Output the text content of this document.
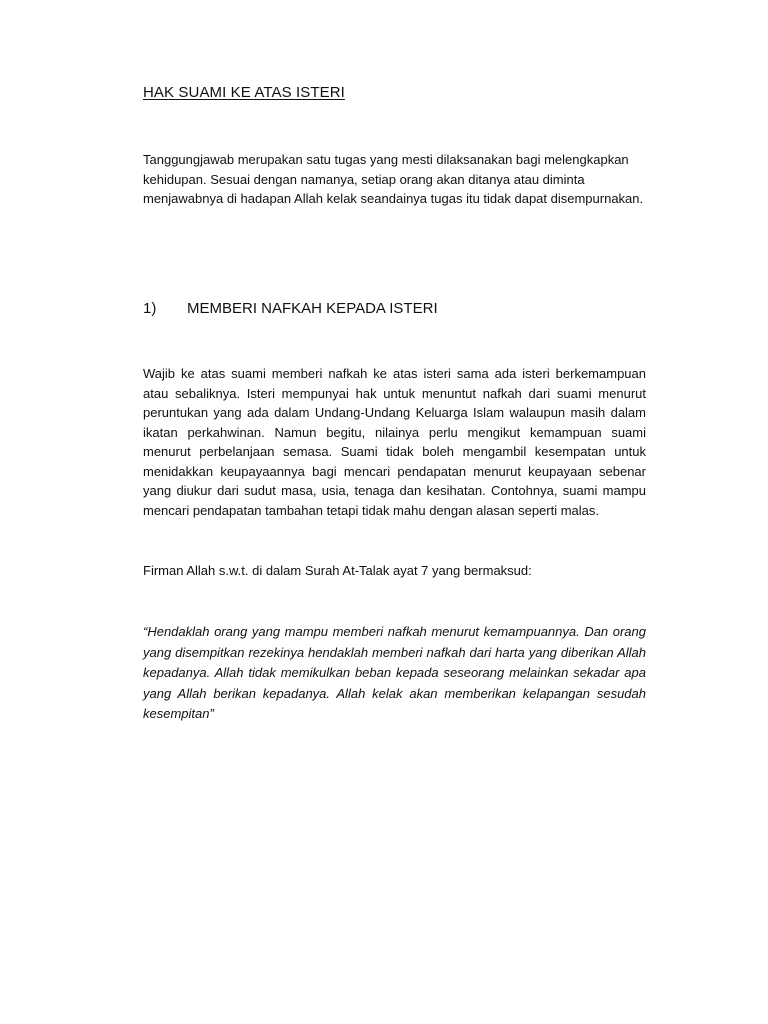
HAK SUAMI KE ATAS ISTERI

Tanggungjawab merupakan satu tugas yang mesti dilaksanakan bagi melengkapkan kehidupan. Sesuai dengan namanya, setiap orang akan ditanya atau diminta menjawabnya di hadapan Allah kelak seandainya tugas itu tidak dapat disempurnakan.

1)	MEMBERI NAFKAH KEPADA ISTERI

Wajib ke atas suami memberi nafkah ke atas isteri sama ada isteri berkemampuan atau sebaliknya. Isteri mempunyai hak untuk menuntut nafkah dari suami menurut peruntukan yang ada dalam Undang-Undang Keluarga Islam walaupun masih dalam ikatan perkahwinan. Namun begitu, nilainya perlu mengikut kemampuan suami menurut perbelanjaan semasa. Suami tidak boleh mengambil kesempatan untuk menidakkan keupayaannya bagi mencari pendapatan menurut keupayaan sebenar yang diukur dari sudut masa, usia, tenaga dan kesihatan. Contohnya, suami mampu mencari pendapatan tambahan tetapi tidak mahu dengan alasan seperti malas.

Firman Allah s.w.t. di dalam Surah At-Talak ayat 7 yang bermaksud:

“Hendaklah orang yang mampu memberi nafkah menurut kemampuannya. Dan orang yang disempitkan rezekinya hendaklah memberi nafkah dari harta yang diberikan Allah kepadanya. Allah tidak memikulkan beban kepada seseorang melainkan sekadar apa yang Allah berikan kepadanya. Allah kelak akan memberikan kelapangan sesudah kesempitan”
